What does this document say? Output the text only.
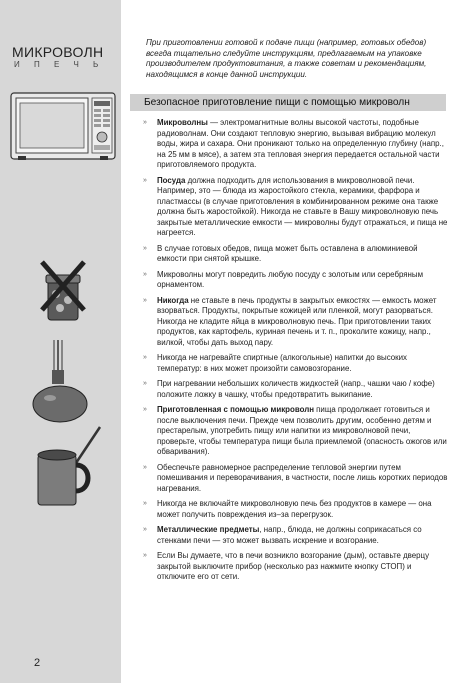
МИКРОВОЛН
И П Е Ч Ь
2
При приготовлении готовой к подаче пищи (например, готовых обедов) всегда тщательно следуйте инструкциям, предлагаемым на упаковке производителем продуктовитания, а также советам и рекомендациям, находящимся в конце данной инструкции.
Безопасное приготовление пищи с помощью микроволн
» Микроволны — электромагнитные волны высокой частоты, подобные радиоволнам. Они создают тепловую энергию, вызывая вибрацию молекул воды, жира и сахара. Они проникают только на определенную глубину (напр., на 25 мм в мясе), а затем эта тепловая энергия передается остальной части приготовляемого продукта.
» Посуда должна подходить для использования в микроволновой печи. Например, это — блюда из жаростойкого стекла, керамики, фарфора и пластмассы (в случае приготовления в комбинированном режиме она также должна быть жаростойкой). Никогда не ставьте в Вашу микроволновую печь закрытые металлические емкости — микроволны будут отражаться, и пища не нагреется.
» В случае готовых обедов, пища может быть оставлена в алюминиевой емкости при снятой крышке.
» Микроволны могут повредить любую посуду с золотым или серебряным орнаментом.
» Никогда не ставьте в печь продукты в закрытых емкостях — емкость может взорваться. Продукты, покрытые кожицей или пленкой, могут разорваться. Никогда не кладите яйца в микроволновую печь. При приготовлении таких продуктов, как картофель, куриная печень и т. п., проколите кожицу, напр., вилкой, чтобы дать выход пару.
» Никогда не нагревайте спиртные (алкогольные) напитки до высоких температур: в них может произойти самовозгорание.
» При нагревании небольших количеств жидкостей (напр., чашки чаю / кофе) положите ложку в чашку, чтобы предотвратить выкипание.
» Приготовленная с помощью микроволн пища продолжает готовиться и после выключения печи. Прежде чем позволить другим, особенно детям и престарелым, употребить пищу или напитки из микроволновой печи, проверьте, чтобы температура пищи была приемлемой (опасность ожогов или обваривания).
» Обеспечьте равномерное распределение тепловой энергии путем помешивания и переворачивания, в частности, после лишь коротких периодов нагревания.
» Никогда не включайте микроволновую печь без продуктов в камере — она может получить повреждения из–за перегрузок.
» Металлические предметы, напр., блюда, не должны соприкасаться со стенками печи — это может вызвать искрение и возгорание.
» Если Вы думаете, что в печи возникло возгорание (дым), оставьте дверцу закрытой выключите прибор (несколько раз нажмите кнопку СТОП) и отключите его от сети.
